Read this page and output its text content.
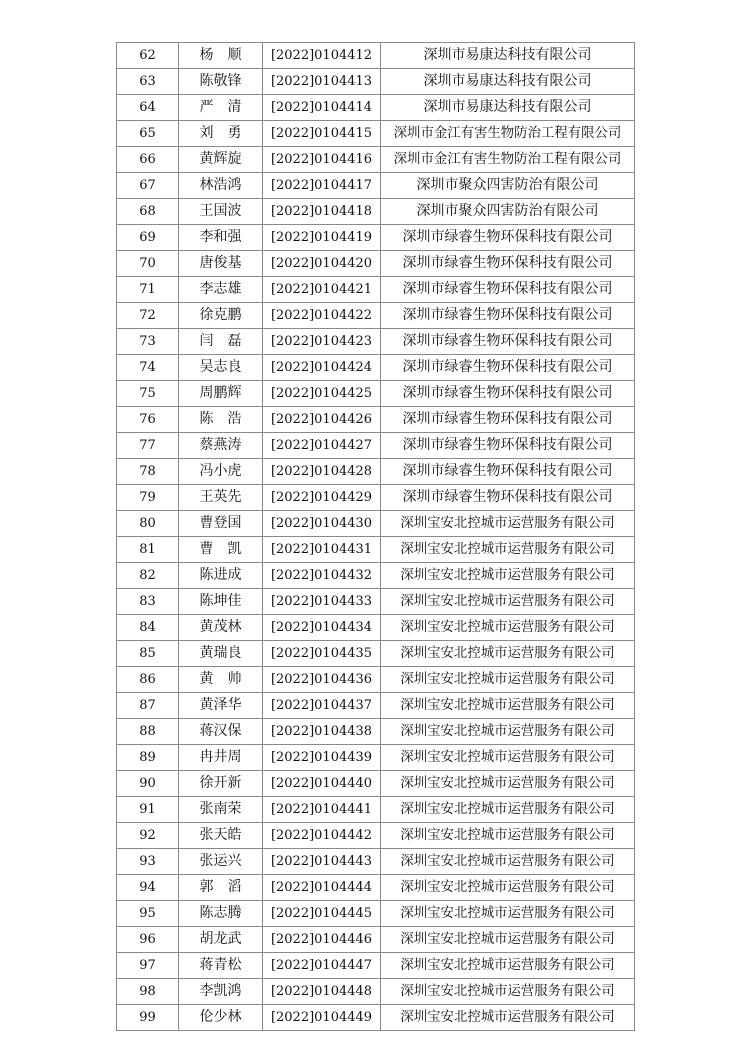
62	杨顺	[2022]0104412	深圳市易康达科技有限公司
63	陈敬锋	[2022]0104413	深圳市易康达科技有限公司
64	严清	[2022]0104414	深圳市易康达科技有限公司
65	刘勇	[2022]0104415	深圳市金江有害生物防治工程有限公司
66	黄辉旋	[2022]0104416	深圳市金江有害生物防治工程有限公司
67	林浩鸿	[2022]0104417	深圳市聚众四害防治有限公司
68	王国波	[2022]0104418	深圳市聚众四害防治有限公司
69	李和强	[2022]0104419	深圳市绿睿生物环保科技有限公司
70	唐俊基	[2022]0104420	深圳市绿睿生物环保科技有限公司
71	李志雄	[2022]0104421	深圳市绿睿生物环保科技有限公司
72	徐克鹏	[2022]0104422	深圳市绿睿生物环保科技有限公司
73	闫磊	[2022]0104423	深圳市绿睿生物环保科技有限公司
74	吴志良	[2022]0104424	深圳市绿睿生物环保科技有限公司
75	周鹏辉	[2022]0104425	深圳市绿睿生物环保科技有限公司
76	陈浩	[2022]0104426	深圳市绿睿生物环保科技有限公司
77	蔡燕涛	[2022]0104427	深圳市绿睿生物环保科技有限公司
78	冯小虎	[2022]0104428	深圳市绿睿生物环保科技有限公司
79	王英先	[2022]0104429	深圳市绿睿生物环保科技有限公司
80	曹登国	[2022]0104430	深圳宝安北控城市运营服务有限公司
81	曹凯	[2022]0104431	深圳宝安北控城市运营服务有限公司
82	陈进成	[2022]0104432	深圳宝安北控城市运营服务有限公司
83	陈坤佳	[2022]0104433	深圳宝安北控城市运营服务有限公司
84	黄茂林	[2022]0104434	深圳宝安北控城市运营服务有限公司
85	黄瑞良	[2022]0104435	深圳宝安北控城市运营服务有限公司
86	黄帅	[2022]0104436	深圳宝安北控城市运营服务有限公司
87	黄泽华	[2022]0104437	深圳宝安北控城市运营服务有限公司
88	蒋汉保	[2022]0104438	深圳宝安北控城市运营服务有限公司
89	冉井周	[2022]0104439	深圳宝安北控城市运营服务有限公司
90	徐开新	[2022]0104440	深圳宝安北控城市运营服务有限公司
91	张南荣	[2022]0104441	深圳宝安北控城市运营服务有限公司
92	张天皓	[2022]0104442	深圳宝安北控城市运营服务有限公司
93	张运兴	[2022]0104443	深圳宝安北控城市运营服务有限公司
94	郭滔	[2022]0104444	深圳宝安北控城市运营服务有限公司
95	陈志腾	[2022]0104445	深圳宝安北控城市运营服务有限公司
96	胡龙武	[2022]0104446	深圳宝安北控城市运营服务有限公司
97	蒋青松	[2022]0104447	深圳宝安北控城市运营服务有限公司
98	李凯鸿	[2022]0104448	深圳宝安北控城市运营服务有限公司
99	伦少林	[2022]0104449	深圳宝安北控城市运营服务有限公司
